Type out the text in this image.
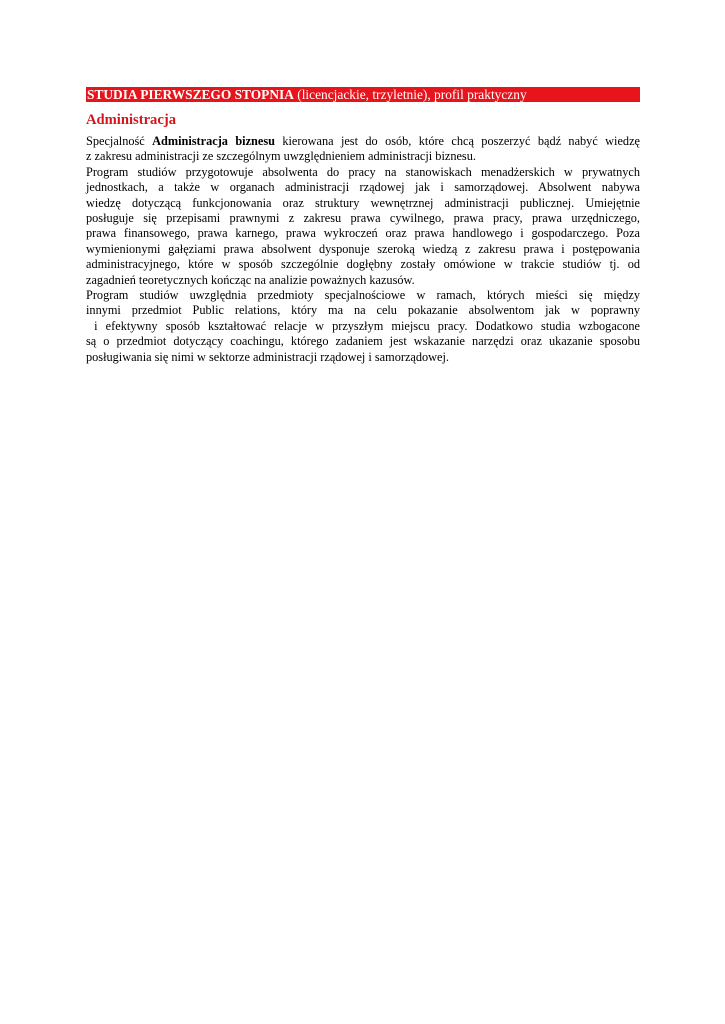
STUDIA PIERWSZEGO STOPNIA (licencjackie, trzyletnie), profil praktyczny
Administracja
Specjalność Administracja biznesu kierowana jest do osób, które chcą poszerzyć bądź nabyć wiedzę
z zakresu administracji ze szczególnym uwzględnieniem administracji biznesu.
Program studiów przygotowuje absolwenta do pracy na stanowiskach menadżerskich w prywatnych
jednostkach, a także w organach administracji rządowej jak i samorządowej. Absolwent nabywa
wiedzę dotyczącą funkcjonowania oraz struktury wewnętrznej administracji publicznej. Umiejętnie
posługuje się przepisami prawnymi z zakresu prawa cywilnego, prawa pracy, prawa urzędniczego,
prawa finansowego, prawa karnego, prawa wykroczeń oraz prawa handlowego i gospodarczego. Poza
wymienionymi gałęziami prawa absolwent dysponuje szeroką wiedzą z zakresu prawa i postępowania
administracyjnego, które w sposób szczególnie dogłębny zostały omówione w trakcie studiów tj. od
zagadnień teoretycznych kończąc na analizie poważnych kazusów.
Program studiów uwzględnia przedmioty specjalnościowe w ramach, których mieści się między
innymi przedmiot Public relations, który ma na celu pokazanie absolwentom jak w poprawny
i efektywny sposób kształtować relacje w przyszłym miejscu pracy. Dodatkowo studia wzbogacone
są o przedmiot dotyczący coachingu, którego zadaniem jest wskazanie narzędzi oraz ukazanie sposobu
posługiwania się nimi w sektorze administracji rządowej i samorządowej.
